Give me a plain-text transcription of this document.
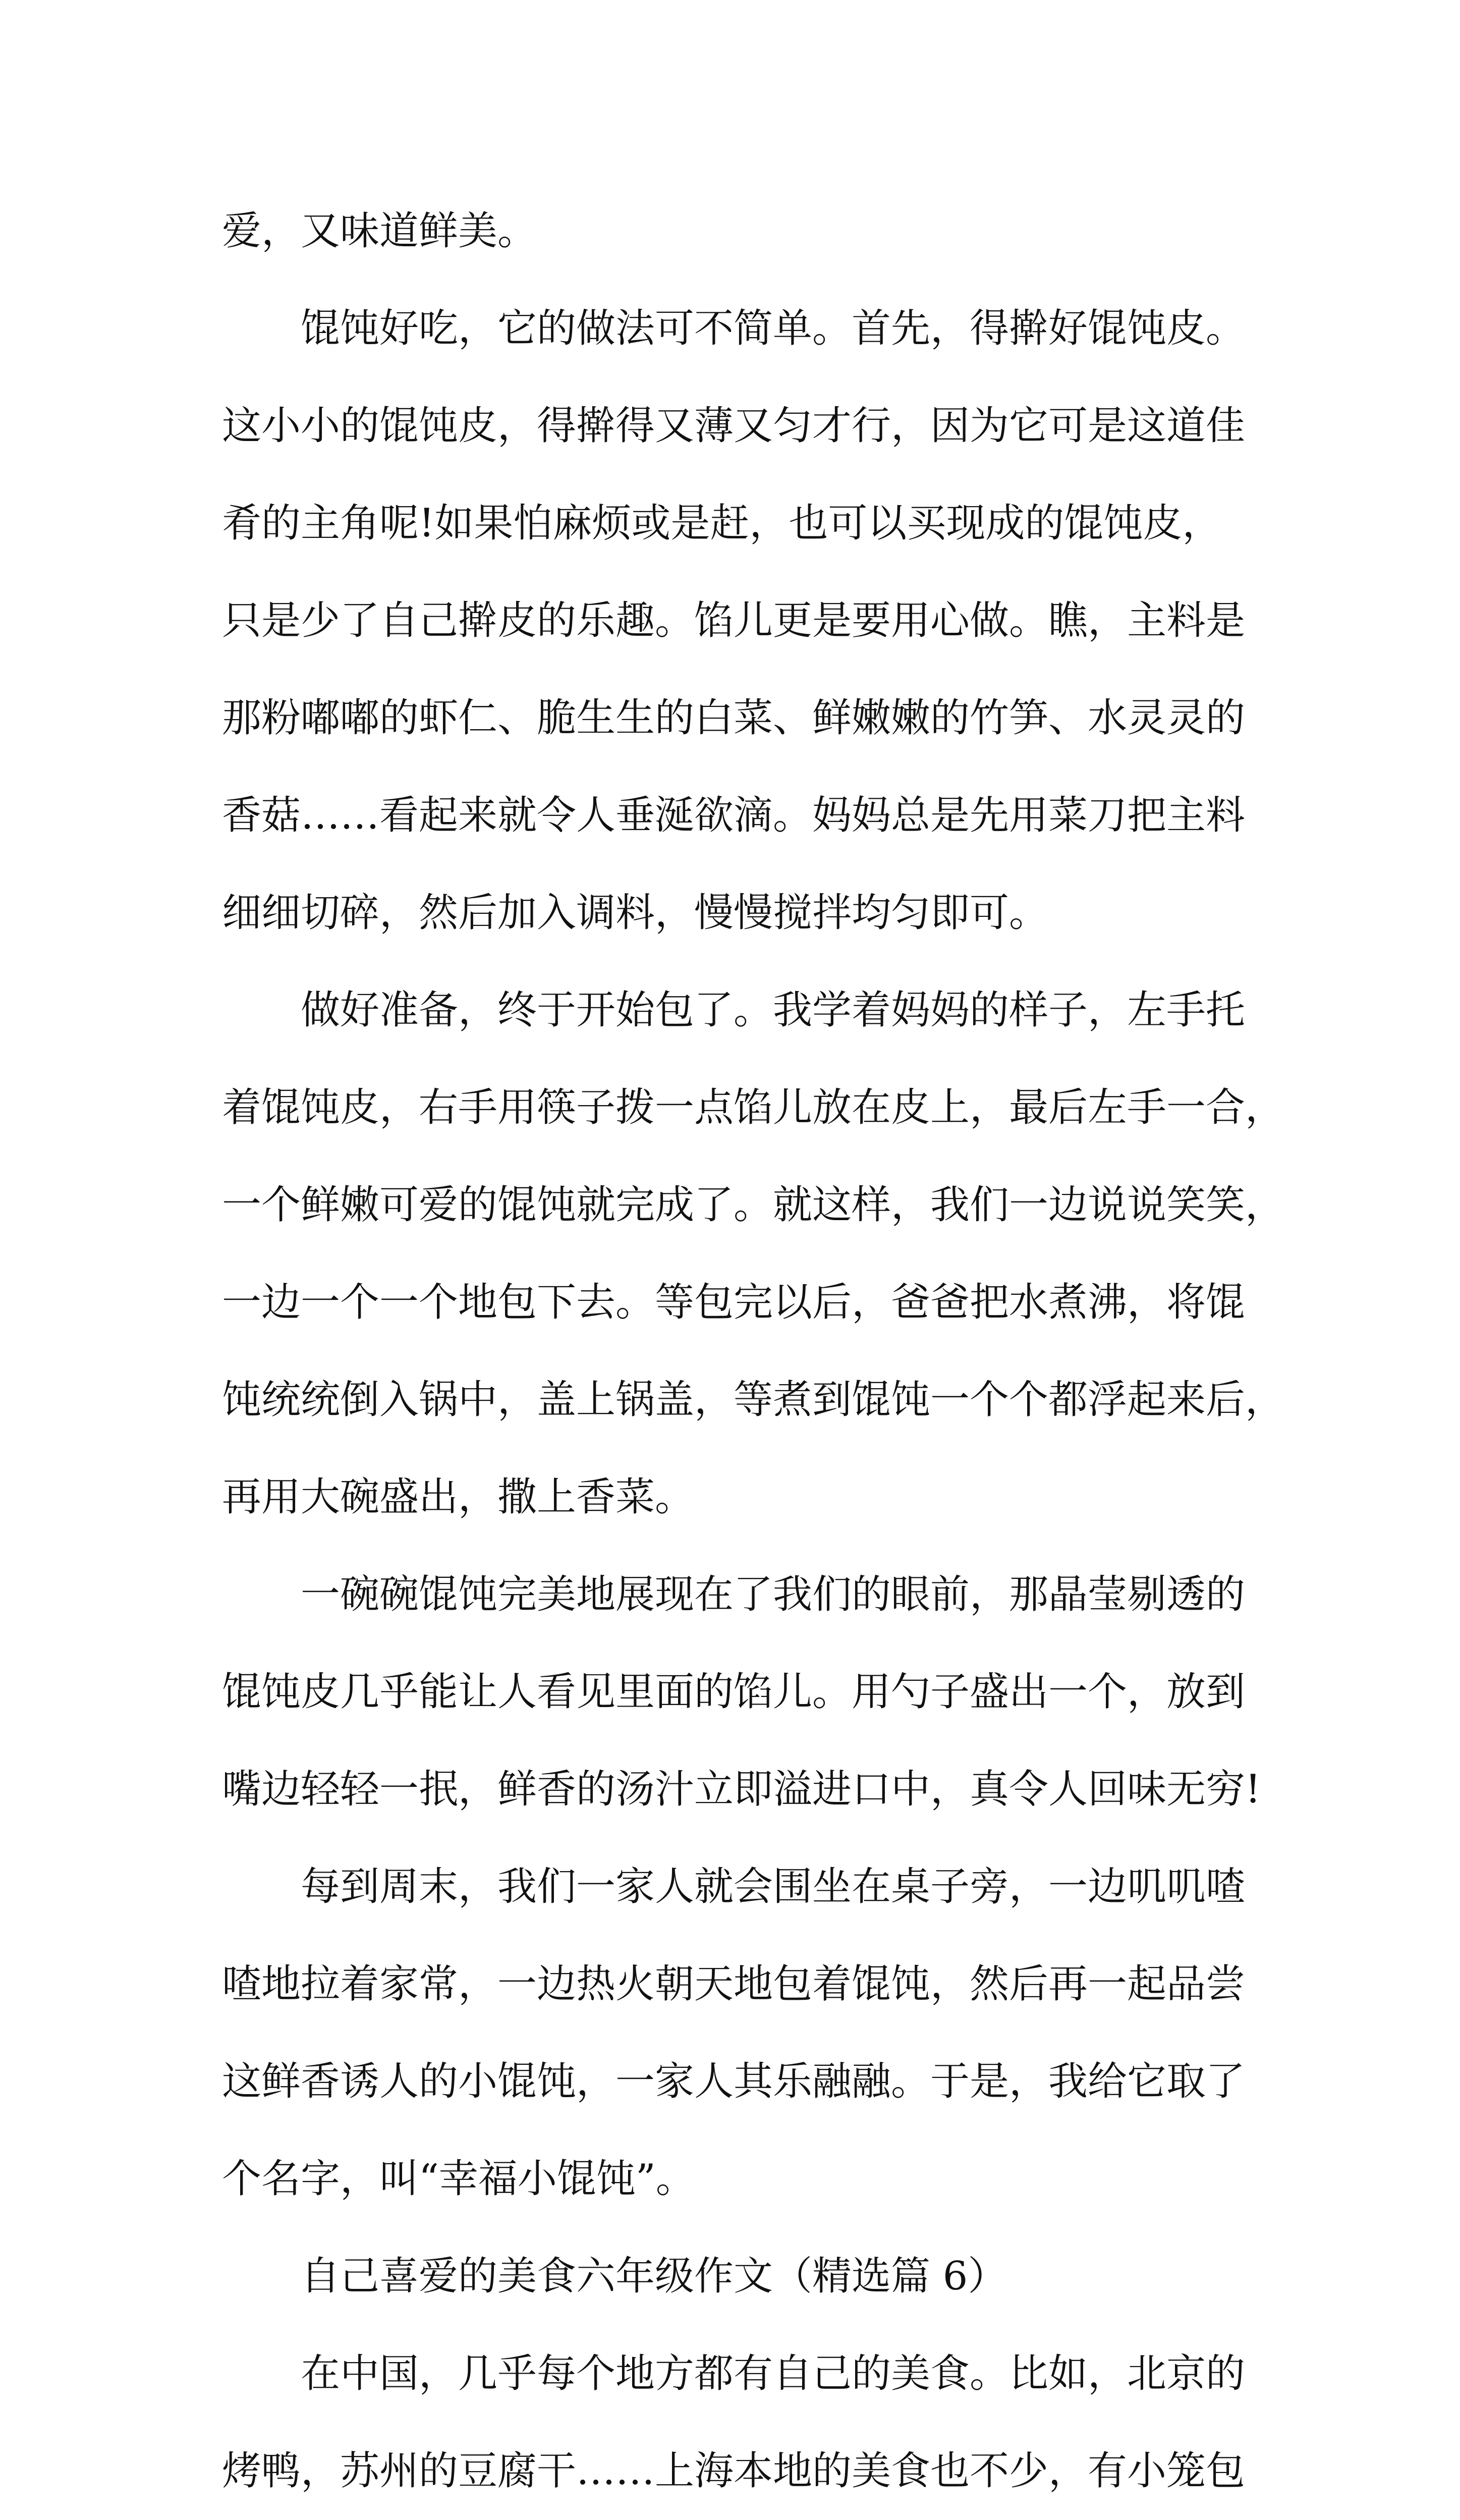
爱，又味道鲜美。
馄饨好吃，它的做法可不简单。首先，得擀好馄饨皮。
这小小的馄饨皮，得擀得又薄又匀才行，因为它可是这道佳
肴的主角呢!如果怕麻烦或是赶，也可以买现成的馄饨皮，
只是少了自己擀皮的乐趣。馅儿更是要用心做。瞧，主料是
那粉嘟嘟的虾仁、脆生生的白菜、鲜嫩嫩的竹笋、水灵灵的
香菇……看起来就令人垂涎欲滴。妈妈总是先用菜刀把主料
细细切碎，然后加入调料，慢慢搅拌均匀即可。
做好准备，终于开始包了。我学着妈妈的样子，左手托
着馄饨皮，右手用筷子拨一点馅儿放在皮上，最后左手一合，
一个鲜嫩可爱的馄饨就完成了。就这样，我们一边说说笑笑，
一边一个一个地包下去。等包完以后，爸爸把水煮沸，将馄
饨统统倒入锅中，盖上锅盖，等煮到馄饨一个个都浮起来后，
再用大碗盛出，撒上香菜。
一碗碗馄饨完美地展现在了我们的眼前，那晶莹剔透的
馄饨皮几乎能让人看见里面的馅儿。用勺子盛出一个，放到
嘴边轻轻一抿，鲜香的汤汁立即溢进口中，真令人回味无穷!
每到周末，我们一家人就会围坐在桌子旁，一边叽叽喳
喳地拉着家常，一边热火朝天地包着馄饨，然后再一起品尝
这鲜香诱人的小馄饨，一家人其乐融融。于是，我给它取了
个名字，叫“幸福小馄饨”。
自己喜爱的美食六年级作文（精选篇 6）
在中国，几乎每个地方都有自己的美食。比如，北京的
烤鸭，苏州的豆腐干……上海本地的美食也不少，有小笼包
